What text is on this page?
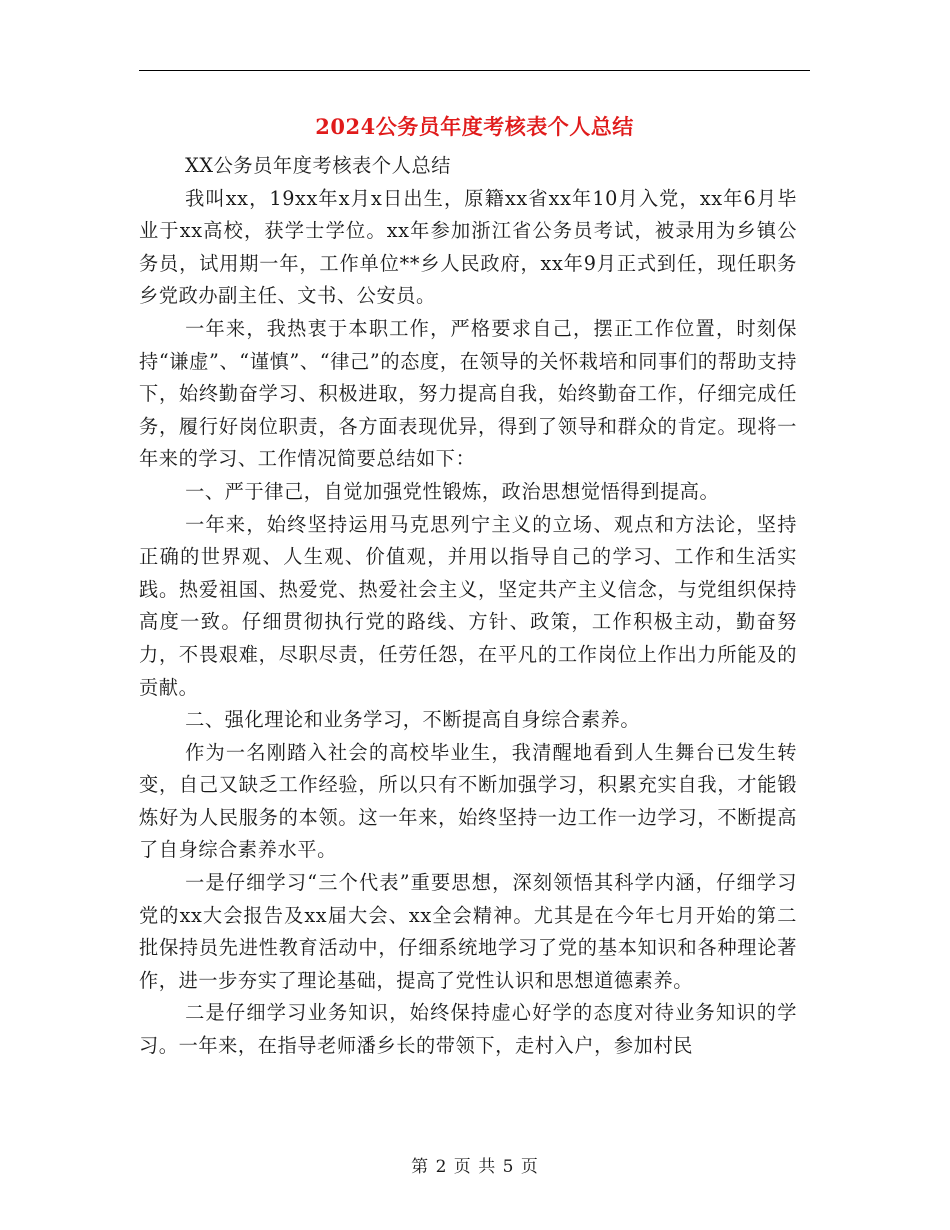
2024公务员年度考核表个人总结

XX公务员年度考核表个人总结

我叫xx，19xx年x月x日出生，原籍xx省xx年10月入党，xx年6月毕业于xx高校，获学士学位。xx年参加浙江省公务员考试，被录用为乡镇公务员，试用期一年，工作单位**乡人民政府，xx年9月正式到任，现任职务乡党政办副主任、文书、公安员。

一年来，我热衷于本职工作，严格要求自己，摆正工作位置，时刻保持“谦虚”、“谨慎”、“律己”的态度，在领导的关怀栽培和同事们的帮助支持下，始终勤奋学习、积极进取，努力提高自我，始终勤奋工作，仔细完成任务，履行好岗位职责，各方面表现优异，得到了领导和群众的肯定。现将一年来的学习、工作情况简要总结如下：

一、严于律己，自觉加强党性锻炼，政治思想觉悟得到提高。

一年来，始终坚持运用马克思列宁主义的立场、观点和方法论，坚持正确的世界观、人生观、价值观，并用以指导自己的学习、工作和生活实践。热爱祖国、热爱党、热爱社会主义，坚定共产主义信念，与党组织保持高度一致。仔细贯彻执行党的路线、方针、政策，工作积极主动，勤奋努力，不畏艰难，尽职尽责，任劳任怨，在平凡的工作岗位上作出力所能及的贡献。

二、强化理论和业务学习，不断提高自身综合素养。

作为一名刚踏入社会的高校毕业生，我清醒地看到人生舞台已发生转变，自己又缺乏工作经验，所以只有不断加强学习，积累充实自我，才能锻炼好为人民服务的本领。这一年来，始终坚持一边工作一边学习，不断提高了自身综合素养水平。

一是仔细学习“三个代表”重要思想，深刻领悟其科学内涵，仔细学习党的xx大会报告及xx届大会、xx全会精神。尤其是在今年七月开始的第二批保持员先进性教育活动中，仔细系统地学习了党的基本知识和各种理论著作，进一步夯实了理论基础，提高了党性认识和思想道德素养。

二是仔细学习业务知识，始终保持虚心好学的态度对待业务知识的学习。一年来，在指导老师潘乡长的带领下，走村入户，参加村民

第 2 页 共 5 页
